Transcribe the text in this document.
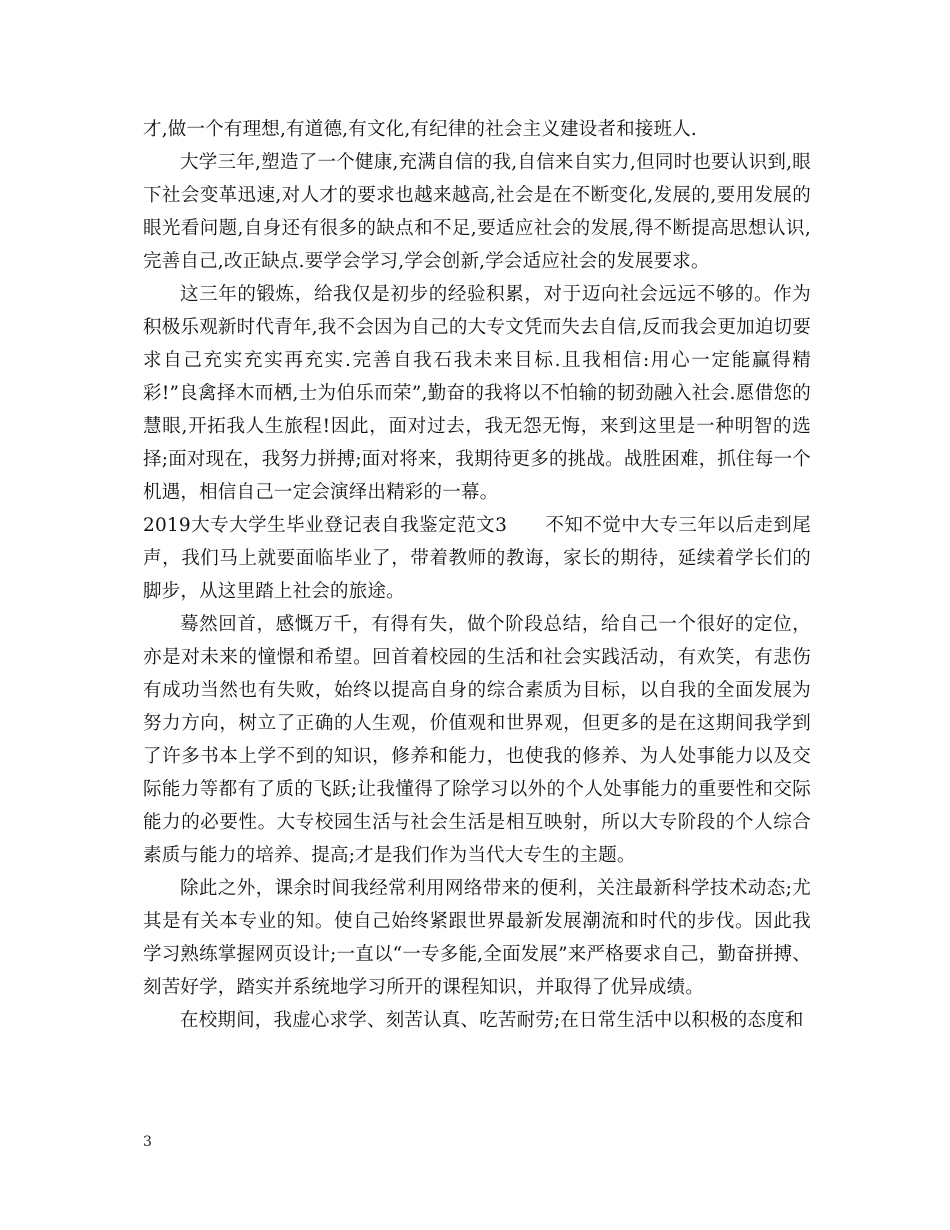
才,做一个有理想,有道德,有文化,有纪律的社会主义建设者和接班人.

大学三年,塑造了一个健康,充满自信的我,自信来自实力,但同时也要认识到,眼下社会变革迅速,对人才的要求也越来越高,社会是在不断变化,发展的,要用发展的眼光看问题,自身还有很多的缺点和不足,要适应社会的发展,得不断提高思想认识,完善自己,改正缺点.要学会学习,学会创新,学会适应社会的发展要求。

这三年的锻炼，给我仅是初步的经验积累，对于迈向社会远远不够的。作为积极乐观新时代青年,我不会因为自己的大专文凭而失去自信,反而我会更加迫切要求自己充实充实再充实.完善自我石我未来目标.且我相信:用心一定能赢得精彩!”良禽择木而栖,士为伯乐而荣”,勤奋的我将以不怕输的韧劲融入社会.愿借您的慧眼,开拓我人生旅程!因此，面对过去，我无怨无悔，来到这里是一种明智的选择;面对现在，我努力拼搏;面对将来，我期待更多的挑战。战胜困难，抓住每一个机遇，相信自己一定会演绎出精彩的一幕。

2019大专大学生毕业登记表自我鉴定范文3　　不知不觉中大专三年以后走到尾声，我们马上就要面临毕业了，带着教师的教诲，家长的期待，延续着学长们的脚步，从这里踏上社会的旅途。

蓦然回首，感慨万千，有得有失，做个阶段总结，给自己一个很好的定位，亦是对未来的憧憬和希望。回首着校园的生活和社会实践活动，有欢笑，有悲伤有成功当然也有失败，始终以提高自身的综合素质为目标，以自我的全面发展为努力方向，树立了正确的人生观，价值观和世界观，但更多的是在这期间我学到了许多书本上学不到的知识，修养和能力，也使我的修养、为人处事能力以及交际能力等都有了质的飞跃;让我懂得了除学习以外的个人处事能力的重要性和交际能力的必要性。大专校园生活与社会生活是相互映射，所以大专阶段的个人综合素质与能力的培养、提高;才是我们作为当代大专生的主题。

除此之外，课余时间我经常利用网络带来的便利，关注最新科学技术动态;尤其是有关本专业的知。使自己始终紧跟世界最新发展潮流和时代的步伐。因此我学习熟练掌握网页设计;一直以“一专多能,全面发展”来严格要求自己，勤奋拼搏、刻苦好学，踏实并系统地学习所开的课程知识，并取得了优异成绩。

在校期间，我虚心求学、刻苦认真、吃苦耐劳;在日常生活中以积极的态度和

3
